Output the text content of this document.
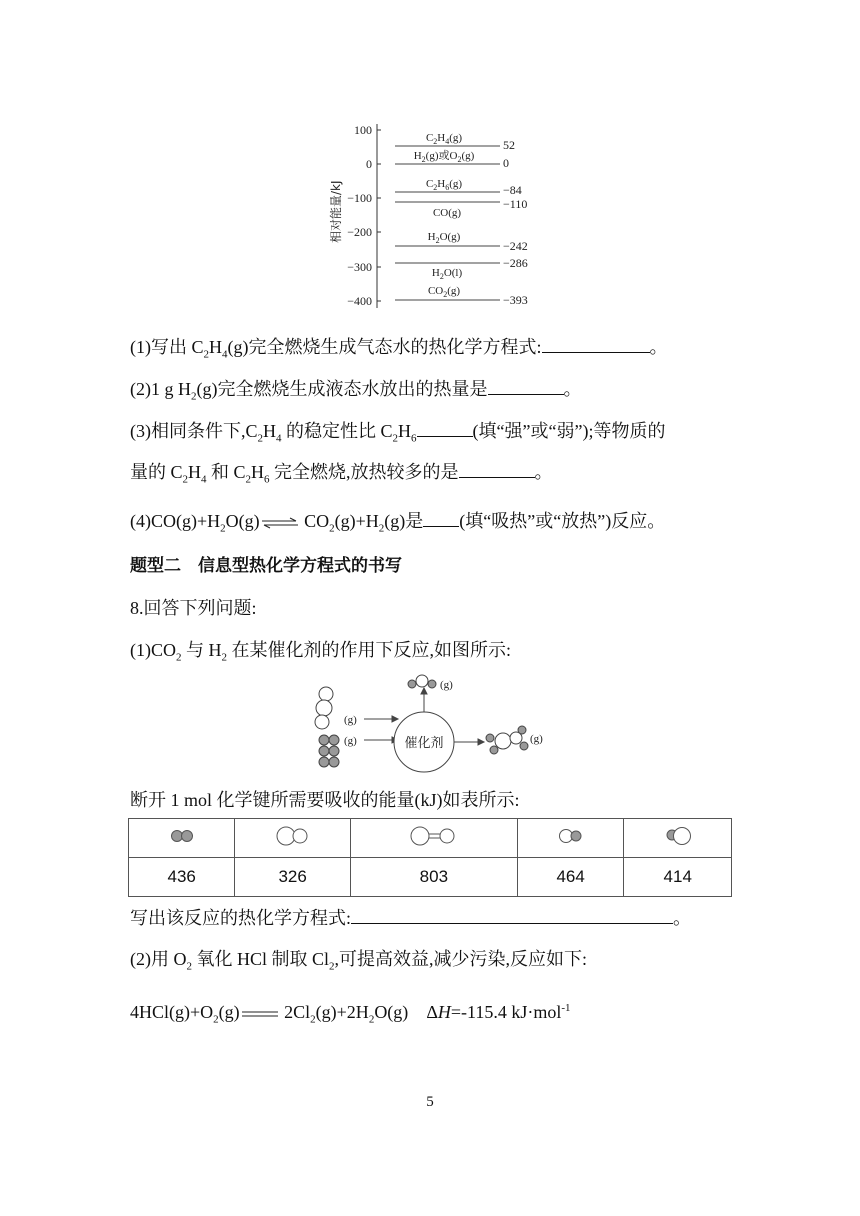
100
0
−100
−200
−300
−400
相对能量/kJ
$C_2H_4(g)$
$H_2(g)$或$O_2(g)$
$C_2H_6(g)$
CO(g)
$H_2O(g)$
$H_2O(l)$
$CO_2(g)$
52
0
−84
−110
−242
−286
−393
(1)写出 $C_2H_4(g)$完全燃烧生成气态水的热化学方程式:	。
(2)1 g $H_2(g)$完全燃烧生成液态水放出的热量是	。
(3)相同条件下$,C_2H_4$ 的稳定性比 $C_2H_6$	(填“强”或“弱”);等物质的
量的 $C_2H_4$ 和 $C_2H_6$ 完全燃烧,放热较多的是	。
$(4)CO(g)+H_2O(g)\rightleftharpoons$ $CO_2(g)+H_2(g)$是 (填“吸热”或“放热”)反应。
题型二　信息型热化学方程式的书写
8.回答下列问题:
$(1)CO_2$ 与 $H_2$ 在某催化剂的作用下反应,如图所示:
(g)
(g)	催化剂
(g)
(g)
断开 1 mol 化学键所需要吸收的能量(kJ)如表所示:

436	326	803	464	414
写出该反应的热化学方程式:	。
(2)用 $O_2$ 氧化 HCl 制取 $Cl_2$,可提高效益,减少污染,反应如下:
$4HCl(g)+O_2(g)$ $2Cl_2(g)+2H_2O(g)$ ΔH=-115.4 kJ·mol$^{-1}$
5
